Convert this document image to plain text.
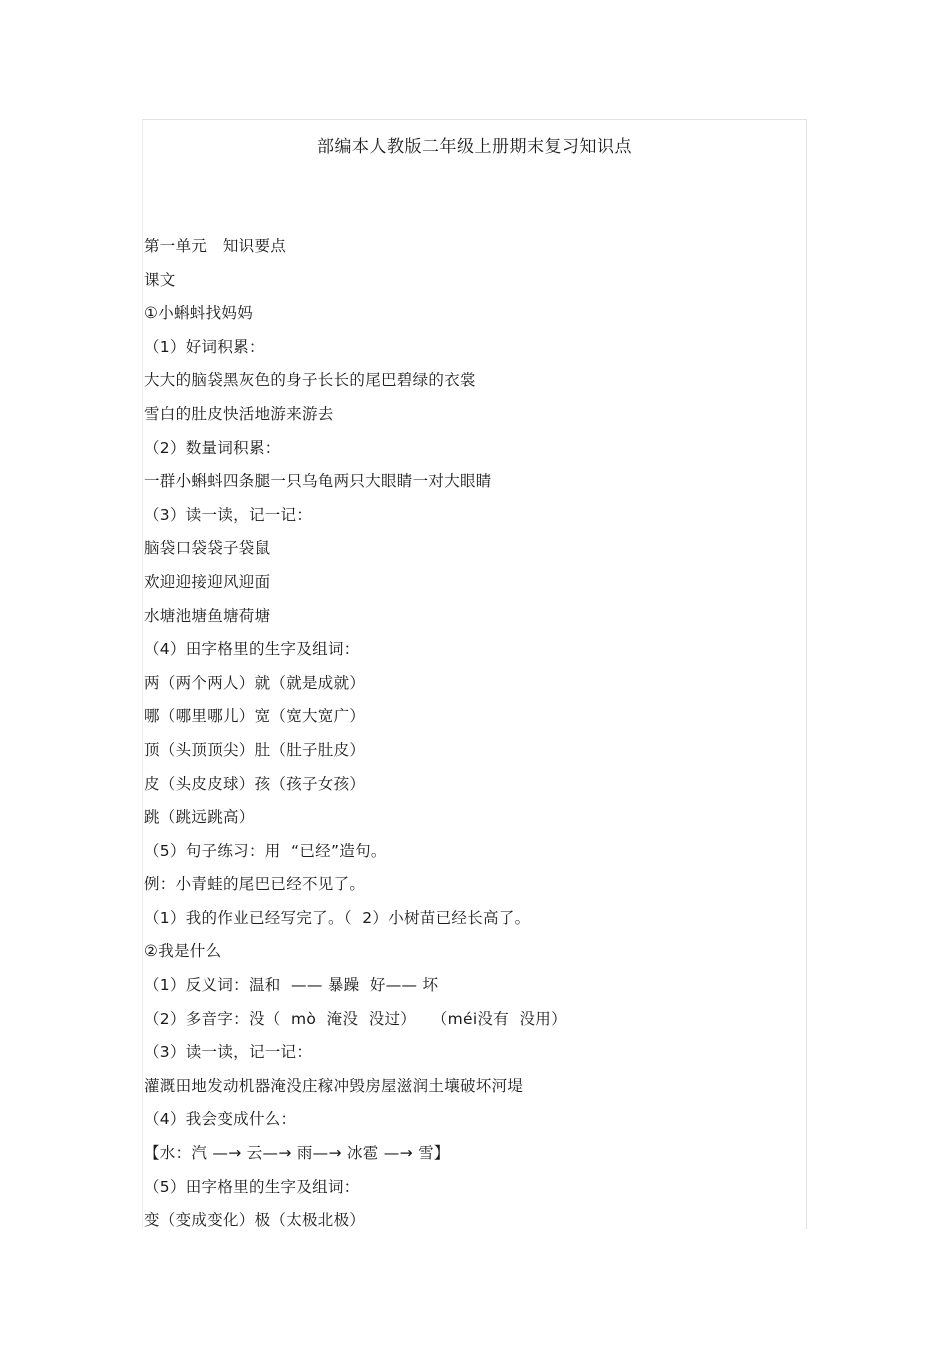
部编本人教版二年级上册期末复习知识点
第一单元   知识要点
课文
①小蝌蚪找妈妈
（1）好词积累：
大大的脑袋黑灰色的身子长长的尾巴碧绿的衣裳
雪白的肚皮快活地游来游去
（2）数量词积累：
一群小蝌蚪四条腿一只乌龟两只大眼睛一对大眼睛
（3）读一读，记一记：
脑袋口袋袋子袋鼠
欢迎迎接迎风迎面
水塘池塘鱼塘荷塘
（4）田字格里的生字及组词：
两（两个两人）就（就是成就）
哪（哪里哪儿）宽（宽大宽广）
顶（头顶顶尖）肚（肚子肚皮）
皮（头皮皮球）孩（孩子女孩）
跳（跳远跳高）
（5）句子练习：用  “已经”造句。
例：小青蛙的尾巴已经不见了。
（1）我的作业已经写完了。（  2）小树苗已经长高了。
②我是什么
（1）反义词：温和  —— 暴躁  好—— 坏
（2）多音字：没（  mò  淹没  没过）   （méi没有  没用）
（3）读一读，记一记：
灌溉田地发动机器淹没庄稼冲毁房屋滋润土壤破坏河堤
（4）我会变成什么：
【水：汽 —→ 云—→ 雨—→ 冰雹 —→ 雪】
（5）田字格里的生字及组词：
变（变成变化）极（太极北极）
